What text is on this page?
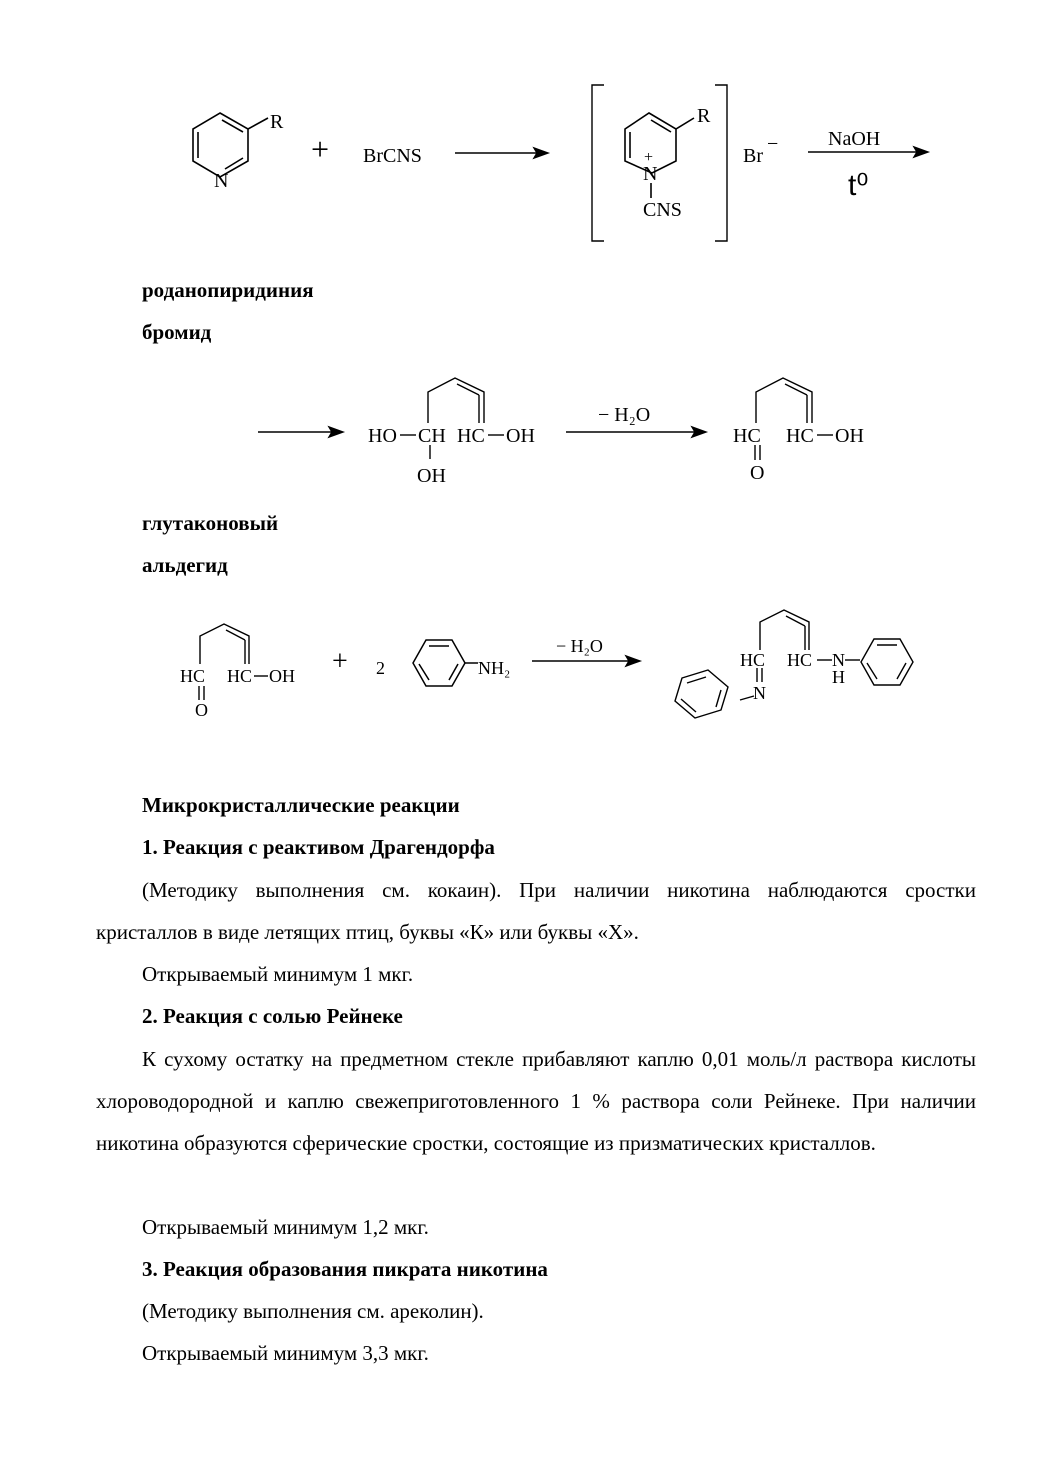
R
N
+ BrCNS
R
+
N
CNS
Br
− NaOH
t⁰
роданопиридиния
бромид
HO CH HC OH
OH
− H₂O
HC HC OH
O
глутаконовый
альдегид
HC HC OH
O
+ 2	NH₂
− H₂O
HC HC
N
N
H
Микрокристаллические реакции
1. Реакция с реактивом Драгендорфа

(Методику выполнения см. кокаин). При наличии никотина наблюдаются сростки кристаллов в виде летящих птиц, буквы «К» или буквы «Х».

Открываемый минимум 1 мкг.
2. Реакция с солью Рейнеке

К сухому остатку на предметном стекле прибавляют каплю 0,01 моль/л раствора кислоты хлороводородной и каплю свежеприготовленного 1 % раствора соли Рейнеке. При наличии никотина образуются сферические сростки, состоящие из призматических кристаллов.

Открываемый минимум 1,2 мкг.
3. Реакция образования пикрата никотина
(Методику выполнения см. ареколин).
Открываемый минимум 3,3 мкг.
